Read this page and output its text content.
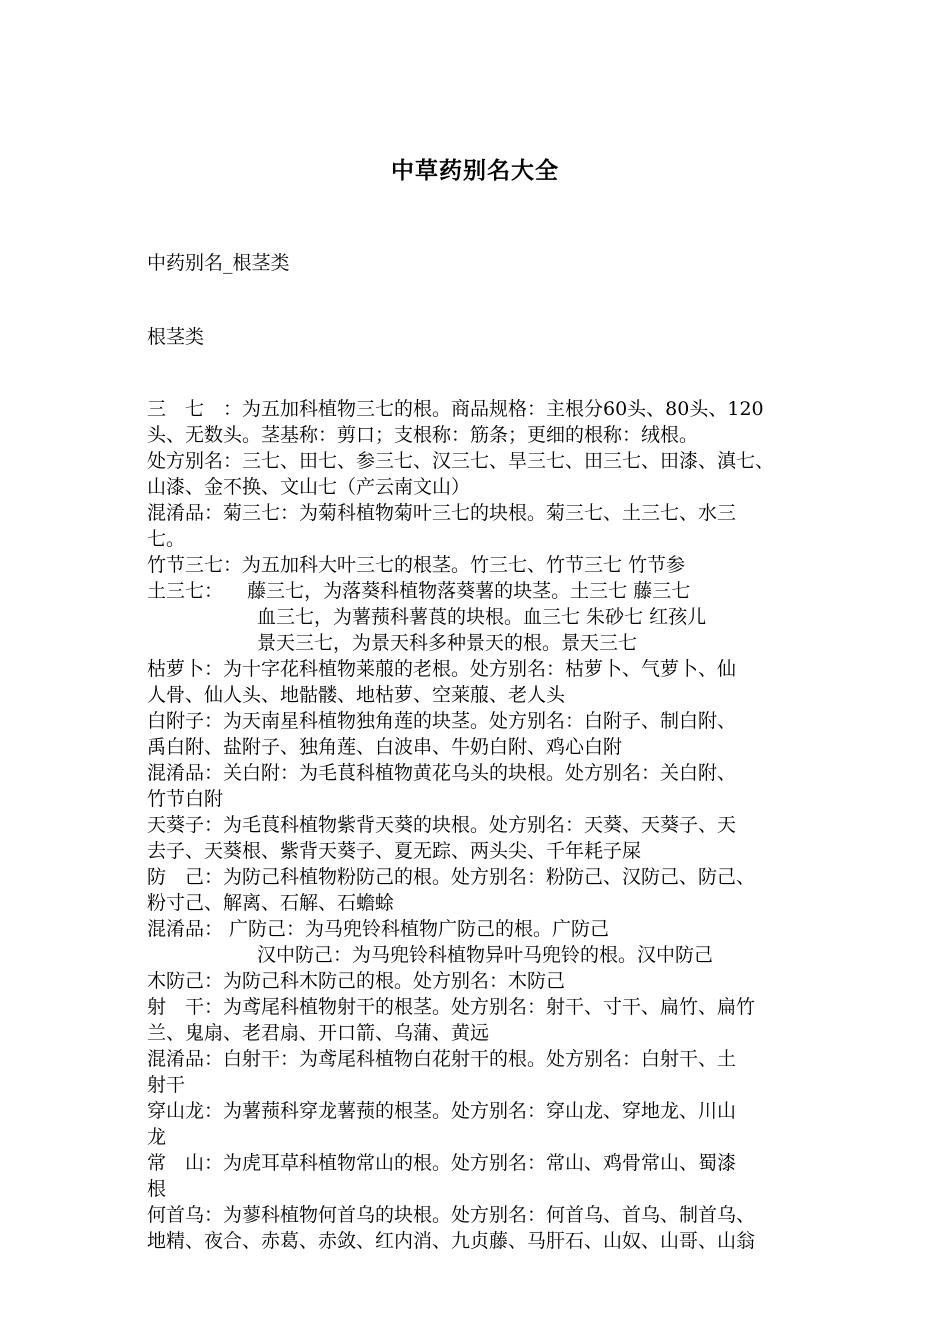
中草药别名大全
中药别名_根茎类
根茎类
三　七　：为五加科植物三七的根。商品规格：主根分60头、80头、120
头、无数头。茎基称：剪口；支根称：筋条；更细的根称：绒根。
处方别名：三七、田七、参三七、汉三七、旱三七、田三七、田漆、滇七、
山漆、金不换、文山七（产云南文山）
混淆品：菊三七：为菊科植物菊叶三七的块根。菊三七、土三七、水三
七。
竹节三七：为五加科大叶三七的根茎。竹三七、竹节三七 竹节参
土三七：    藤三七，为落葵科植物落葵薯的块茎。土三七 藤三七
血三七，为薯蓣科薯莨的块根。血三七 朱砂七 红孩儿
景天三七，为景天科多种景天的根。景天三七
枯萝卜：为十字花科植物莱菔的老根。处方别名：枯萝卜、气萝卜、仙
人骨、仙人头、地骷髅、地枯萝、空莱菔、老人头
白附子：为天南星科植物独角莲的块茎。处方别名：白附子、制白附、
禹白附、盐附子、独角莲、白波串、牛奶白附、鸡心白附
混淆品：关白附：为毛茛科植物黄花乌头的块根。处方别名：关白附、
竹节白附
天葵子：为毛茛科植物紫背天葵的块根。处方别名：天葵、天葵子、天
去子、天葵根、紫背天葵子、夏无踪、两头尖、千年耗子屎
防　己：为防己科植物粉防己的根。处方别名：粉防己、汉防己、防己、
粉寸己、解离、石解、石蟾蜍
混淆品： 广防己：为马兜铃科植物广防己的根。广防己
汉中防己：为马兜铃科植物异叶马兜铃的根。汉中防己
木防己：为防己科木防己的根。处方别名：木防己
射　干：为鸢尾科植物射干的根茎。处方别名：射干、寸干、扁竹、扁竹
兰、鬼扇、老君扇、开口箭、乌蒲、黄远
混淆品：白射干：为鸢尾科植物白花射干的根。处方别名：白射干、土
射干
穿山龙：为薯蓣科穿龙薯蓣的根茎。处方别名：穿山龙、穿地龙、川山
龙
常　山：为虎耳草科植物常山的根。处方别名：常山、鸡骨常山、蜀漆
根
何首乌：为蓼科植物何首乌的块根。处方别名：何首乌、首乌、制首乌、
地精、夜合、赤葛、赤敛、红内消、九贞藤、马肝石、山奴、山哥、山翁
